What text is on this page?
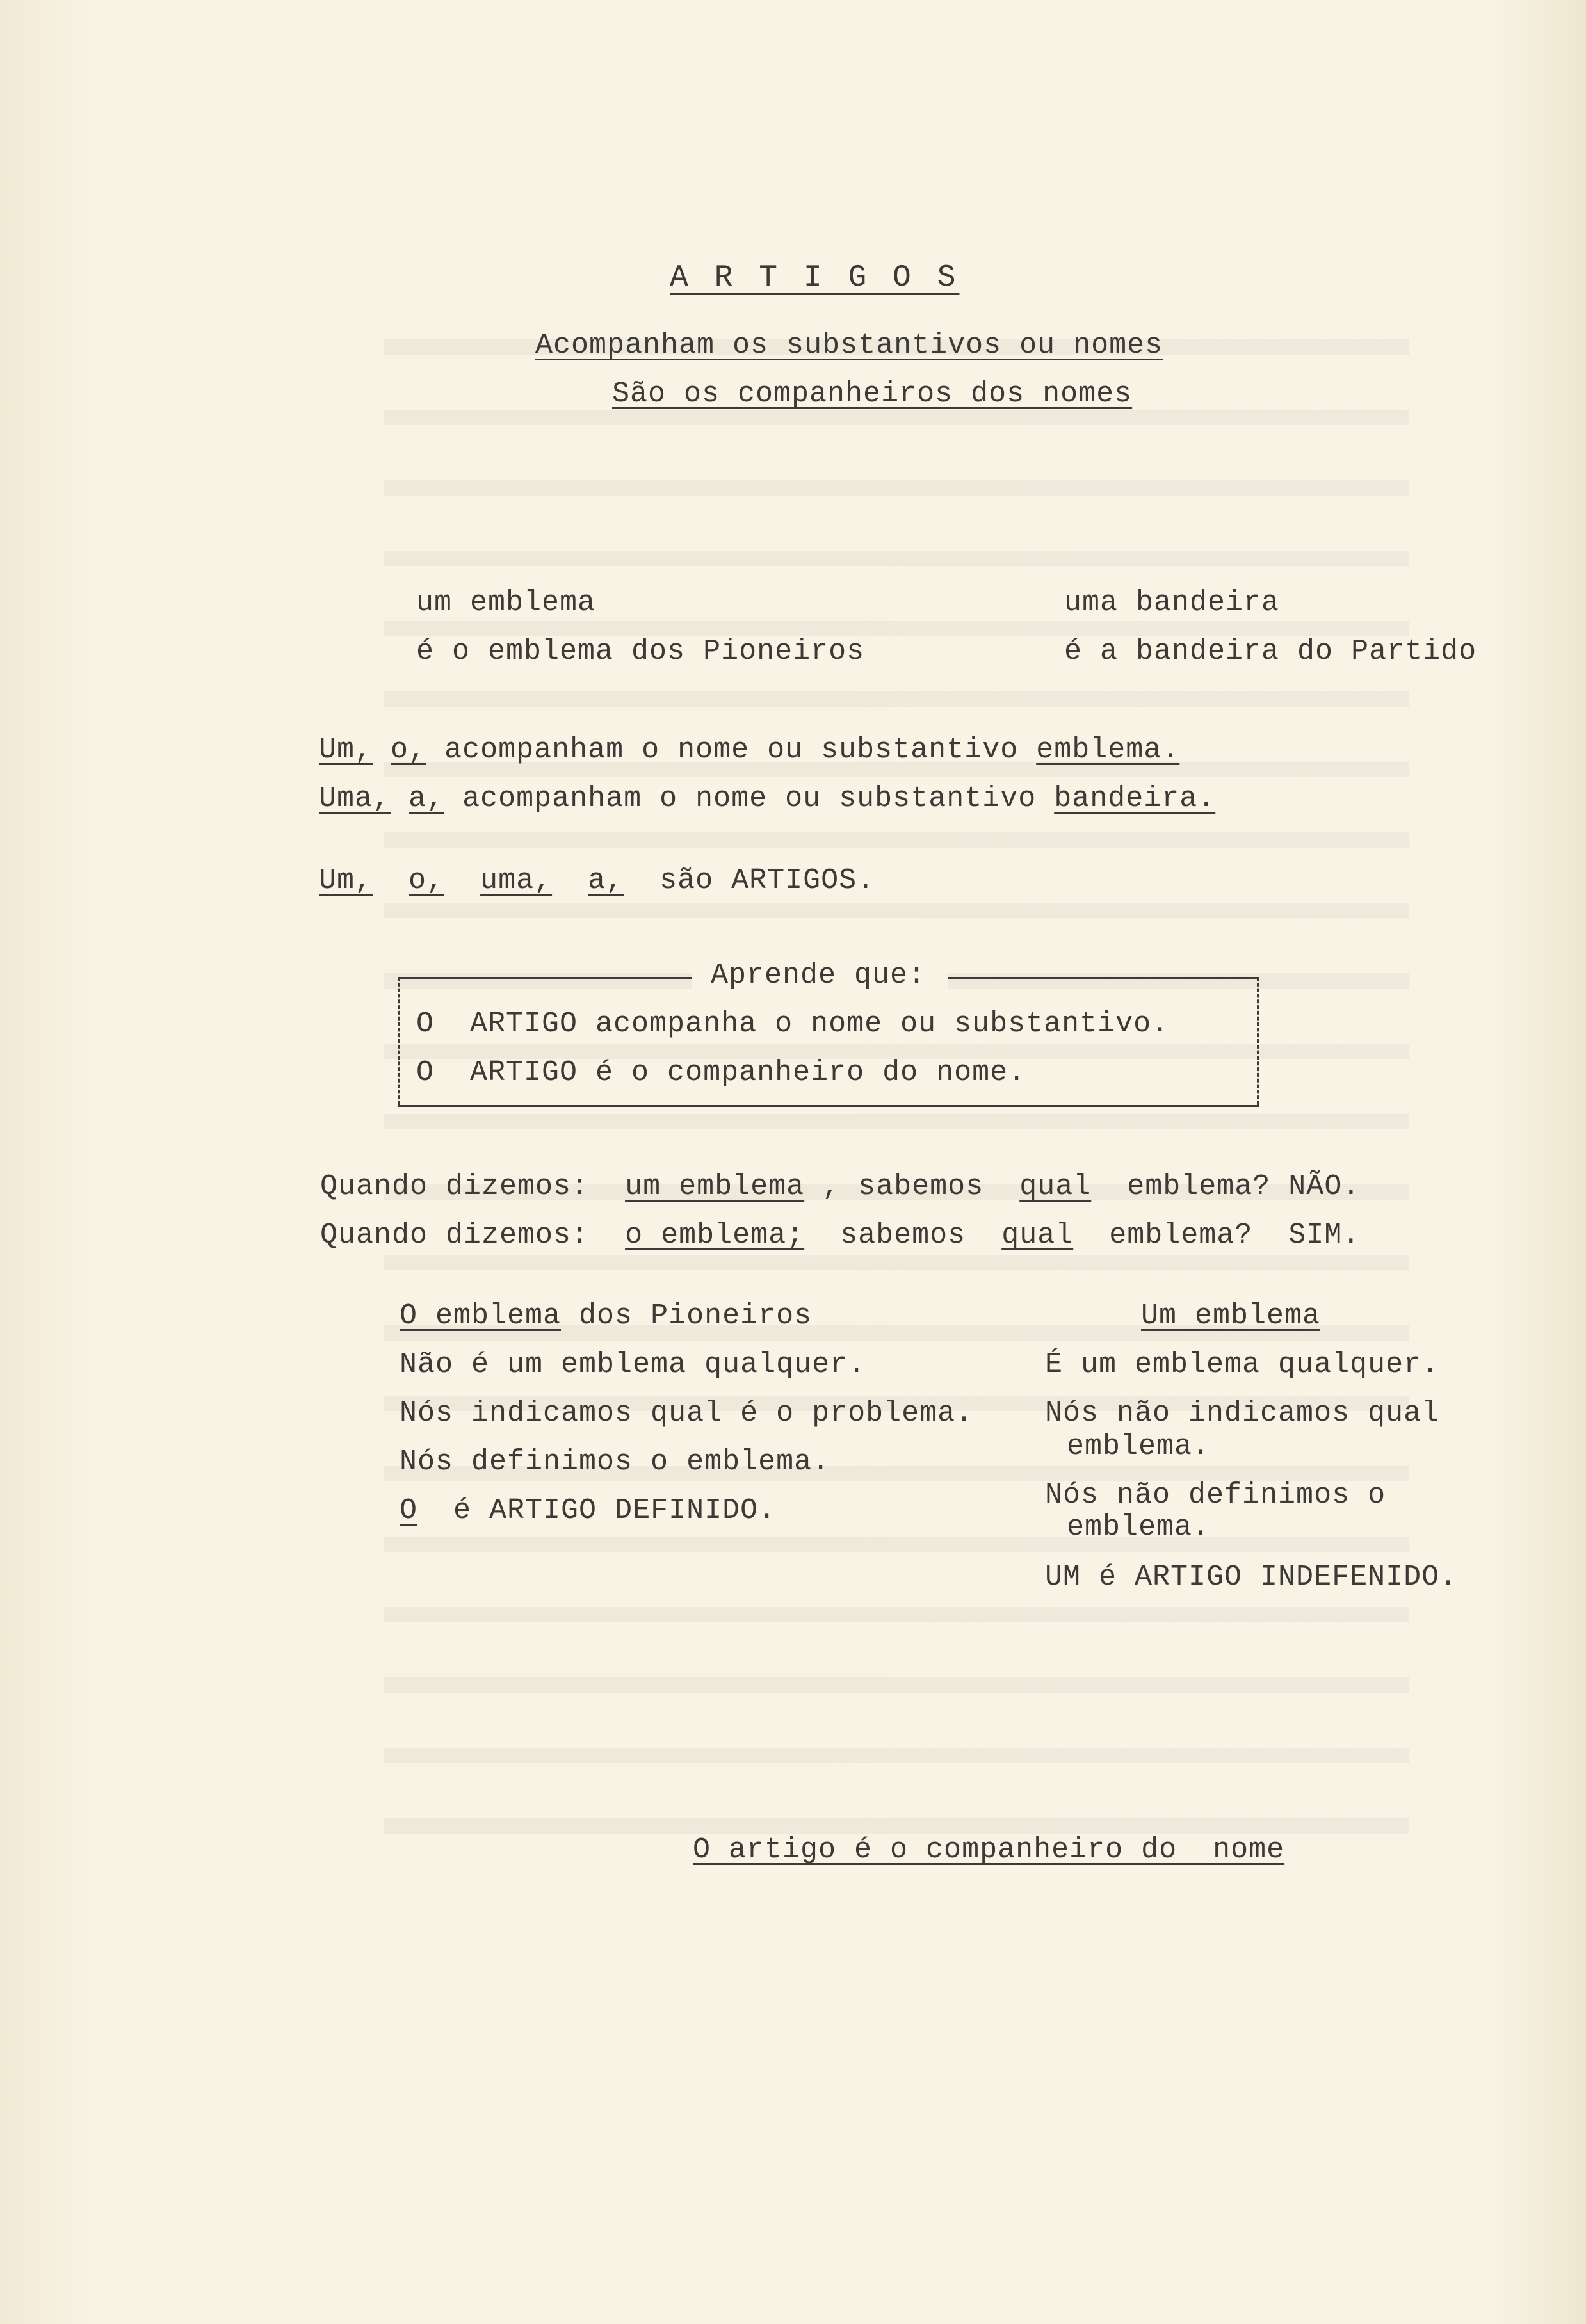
A R T I G O S
Acompanham os substantivos ou nomes
São os companheiros dos nomes
um emblema
é o emblema dos Pioneiros
uma bandeira
é a bandeira do Partido
Um, o, acompanham o nome ou substantivo emblema.
Uma, a, acompanham o nome ou substantivo bandeira.
Um, o, uma, a, são ARTIGOS.
Aprende que:
O  ARTIGO acompanha o nome ou substantivo.
O  ARTIGO é o companheiro do nome.
Quando dizemos: um emblema , sabemos qual emblema? NÃO.
Quando dizemos: o emblema; sabemos qual emblema?  SIM.
O emblema dos Pioneiros
Não é um emblema qualquer.
Nós indicamos qual é o problema.
Nós definimos o emblema.
O  é ARTIGO DEFINIDO.
Um emblema
É um emblema qualquer.
Nós não indicamos qual
emblema.
Nós não definimos o
emblema.
UM é ARTIGO INDEFENIDO.
O artigo é o companheiro do  nome
